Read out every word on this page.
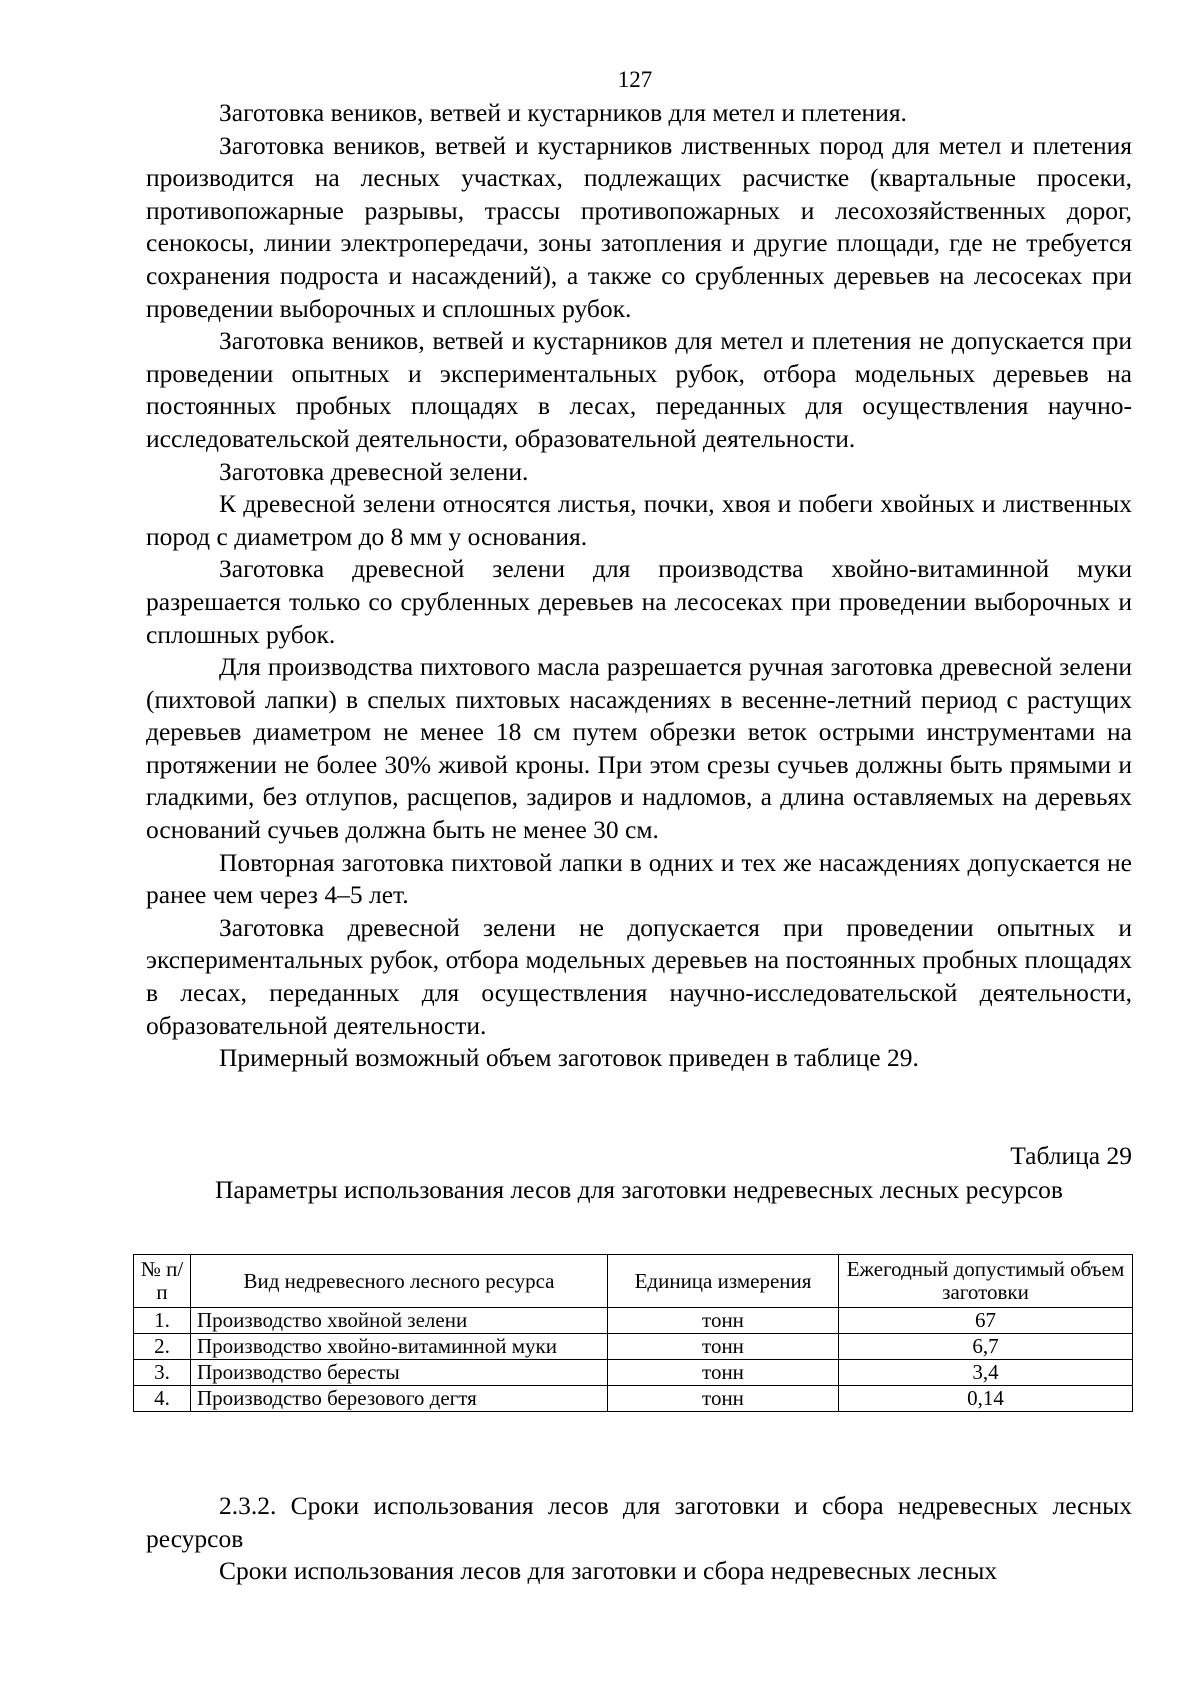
127

Заготовка веников, ветвей и кустарников для метел и плетения.

Заготовка веников, ветвей и кустарников лиственных пород для метел и плетения производится на лесных участках, подлежащих расчистке (квартальные просеки, противопожарные разрывы, трассы противопожарных и лесохозяйственных дорог, сенокосы, линии электропередачи, зоны затопления и другие площади, где не требуется сохранения подроста и насаждений), а также со срубленных деревьев на лесосеках при проведении выборочных и сплошных рубок.

Заготовка веников, ветвей и кустарников для метел и плетения не допускается при проведении опытных и экспериментальных рубок, отбора модельных деревьев на постоянных пробных площадях в лесах, переданных для осуществления научно-исследовательской деятельности, образовательной деятельности.

Заготовка древесной зелени.

К древесной зелени относятся листья, почки, хвоя и побеги хвойных и лиственных пород с диаметром до 8 мм у основания.

Заготовка древесной зелени для производства хвойно-витаминной муки разрешается только со срубленных деревьев на лесосеках при проведении выборочных и сплошных рубок.

Для производства пихтового масла разрешается ручная заготовка древесной зелени (пихтовой лапки) в спелых пихтовых насаждениях в весенне-летний период с растущих деревьев диаметром не менее 18 см путем обрезки веток острыми инструментами на протяжении не более 30% живой кроны. При этом срезы сучьев должны быть прямыми и гладкими, без отлупов, расщепов, задиров и надломов, а длина оставляемых на деревьях оснований сучьев должна быть не менее 30 см.

Повторная заготовка пихтовой лапки в одних и тех же насаждениях допускается не ранее чем через 4–5 лет.

Заготовка древесной зелени не допускается при проведении опытных и экспериментальных рубок, отбора модельных деревьев на постоянных пробных площадях в лесах, переданных для осуществления научно-исследовательской деятельности, образовательной деятельности.

Примерный возможный объем заготовок приведен в таблице 29.

Таблица 29
Параметры использования лесов для заготовки недревесных лесных ресурсов
№ п/п	Вид недревесного лесного ресурса	Единица измерения	Ежегодный допустимый объем заготовки
1.	Производство хвойной зелени	тонн	67
2.	Производство хвойно-витаминной муки	тонн	6,7
3.	Производство бересты	тонн	3,4
4.	Производство березового дегтя	тонн	0,14

2.3.2. Сроки использования лесов для заготовки и сбора недревесных лесных ресурсов

Сроки использования лесов для заготовки и сбора недревесных лесных
